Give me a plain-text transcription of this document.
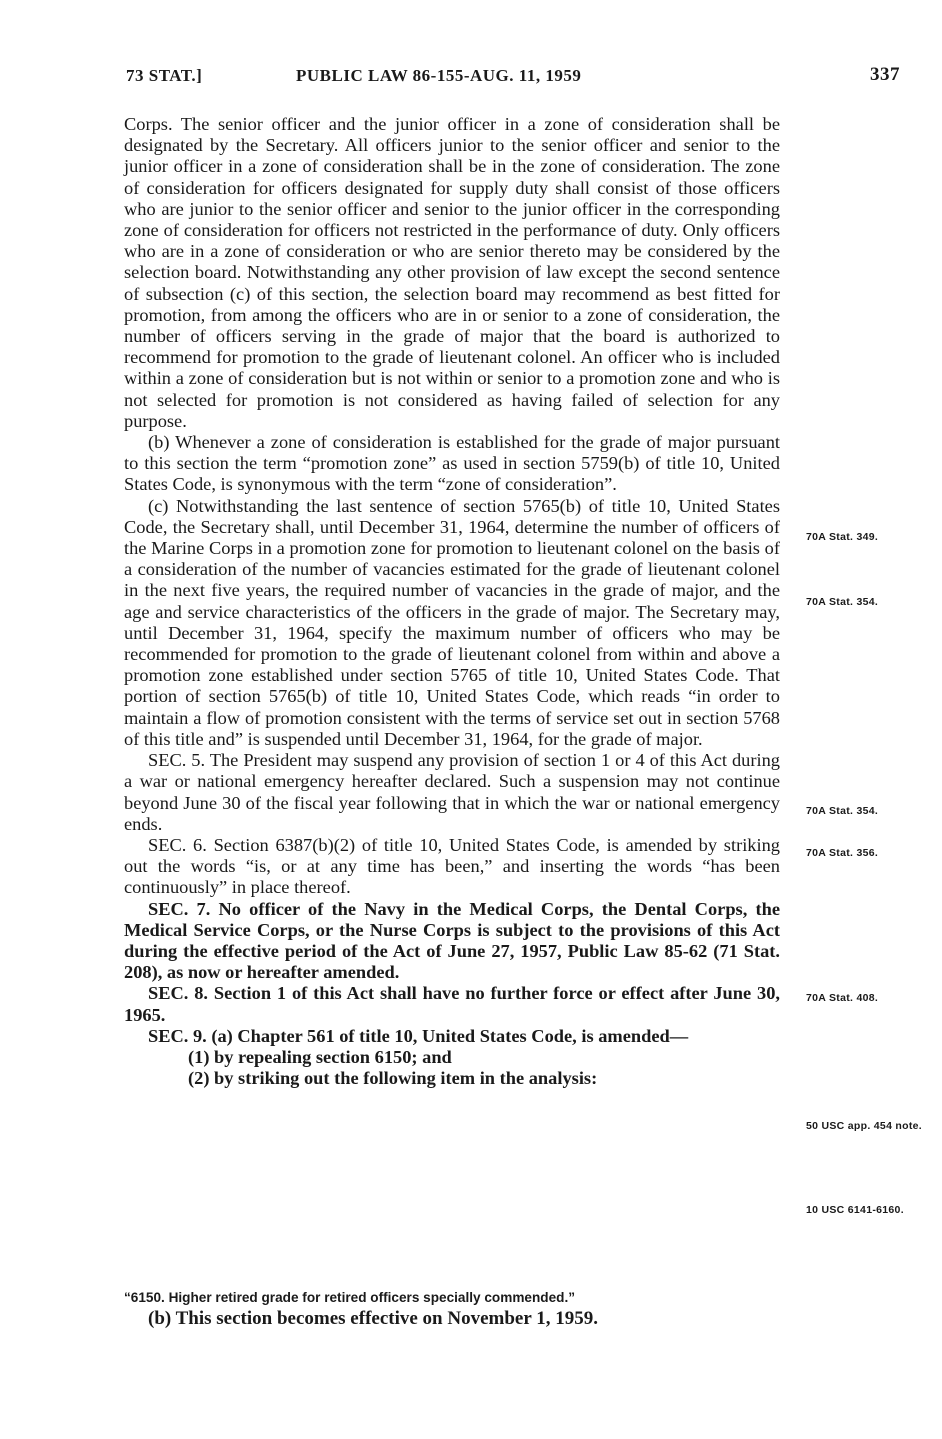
73 STAT.]	PUBLIC LAW 86-155-AUG. 11, 1959	337

Corps. The senior officer and the junior officer in a zone of consideration shall be designated by the Secretary. All officers junior to the senior officer and senior to the junior officer in a zone of consideration shall be in the zone of consideration. The zone of consideration for officers designated for supply duty shall consist of those officers who are junior to the senior officer and senior to the junior officer in the corresponding zone of consideration for officers not restricted in the performance of duty. Only officers who are in a zone of consideration or who are senior thereto may be considered by the selection board. Notwithstanding any other provision of law except the second sentence of subsection (c) of this section, the selection board may recommend as best fitted for promotion, from among the officers who are in or senior to a zone of consideration, the number of officers serving in the grade of major that the board is authorized to recommend for promotion to the grade of lieutenant colonel. An officer who is included within a zone of consideration but is not within or senior to a promotion zone and who is not selected for promotion is not considered as having failed of selection for any purpose.

(b) Whenever a zone of consideration is established for the grade of major pursuant to this section the term “promotion zone” as used in section 5759(b) of title 10, United States Code, is synonymous with the term “zone of consideration”.

(c) Notwithstanding the last sentence of section 5765(b) of title 10, United States Code, the Secretary shall, until December 31, 1964, determine the number of officers of the Marine Corps in a promotion zone for promotion to lieutenant colonel on the basis of a consideration of the number of vacancies estimated for the grade of lieutenant colonel in the next five years, the required number of vacancies in the grade of major, and the age and service characteristics of the officers in the grade of major. The Secretary may, until December 31, 1964, specify the maximum number of officers who may be recommended for promotion to the grade of lieutenant colonel from within and above a promotion zone established under section 5765 of title 10, United States Code. That portion of section 5765(b) of title 10, United States Code, which reads “in order to maintain a flow of promotion consistent with the terms of service set out in section 5768 of this title and” is suspended until December 31, 1964, for the grade of major.

SEC. 5. The President may suspend any provision of section 1 or 4 of this Act during a war or national emergency hereafter declared. Such a suspension may not continue beyond June 30 of the fiscal year following that in which the war or national emergency ends.

SEC. 6. Section 6387(b)(2) of title 10, United States Code, is amended by striking out the words “is, or at any time has been,” and inserting the words “has been continuously” in place thereof.

SEC. 7. No officer of the Navy in the Medical Corps, the Dental Corps, the Medical Service Corps, or the Nurse Corps is subject to the provisions of this Act during the effective period of the Act of June 27, 1957, Public Law 85-62 (71 Stat. 208), as now or hereafter amended.

SEC. 8. Section 1 of this Act shall have no further force or effect after June 30, 1965.

SEC. 9. (a) Chapter 561 of title 10, United States Code, is amended—

(1) by repealing section 6150; and

(2) by striking out the following item in the analysis:

“6150. Higher retired grade for retired officers specially commended.”
(b) This section becomes effective on November 1, 1959.
70A Stat. 349.
70A Stat. 354.
70A Stat. 354.
70A Stat. 356.
70A Stat. 408.
50 USC app. 454 note.
10 USC 6141-6160.
